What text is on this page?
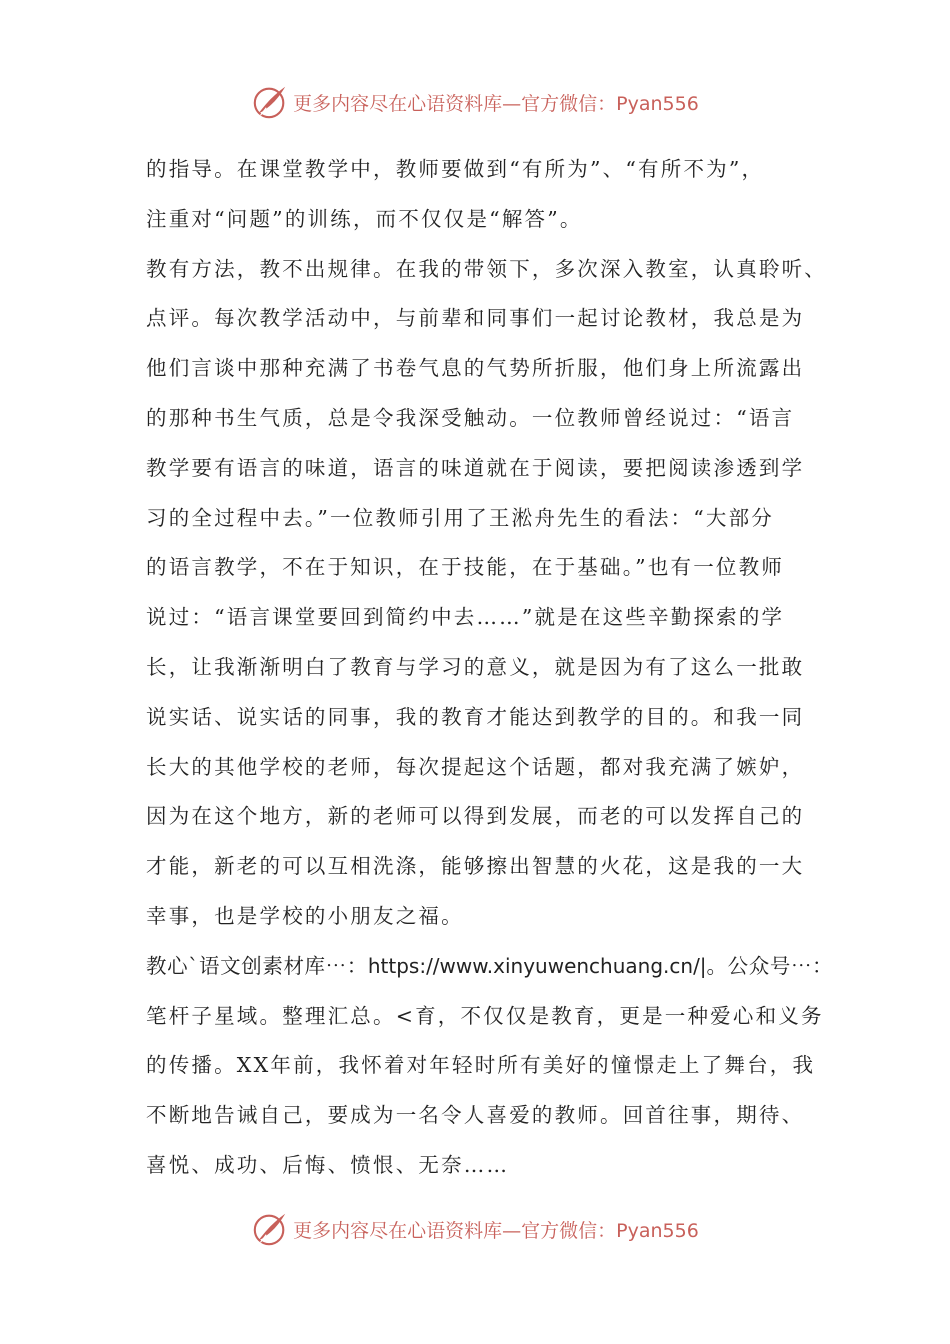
更多内容尽在心语资料库— 官方微信：Pyan556
的指导。在课堂教学中，教师要做到“有所为”、“有所不为”，
注重对“问题”的训练，而不仅仅是“解答”。
教有方法，教不出规律。在我的带领下，多次深入教室，认真聆听、
点评。每次教学活动中，与前辈和同事们一起讨论教材，我总是为
他们言谈中那种充满了书卷气息的气势所折服，他们身上所流露出
的那种书生气质，总是令我深受触动。一位教师曾经说过：“语言
教学要有语言的味道，语言的味道就在于阅读，要把阅读渗透到学
习的全过程中去。”一位教师引用了王淞舟先生的看法：“大部分
的语言教学，不在于知识，在于技能，在于基础。”也有一位教师
说过：“语言课堂要回到简约中去……”就是在这些辛勤探索的学
长，让我渐渐明白了教育与学习的意义，就是因为有了这么一批敢
说实话、说实话的同事，我的教育才能达到教学的目的。和我一同
长大的其他学校的老师，每次提起这个话题，都对我充满了嫉妒，
因为在这个地方，新的老师可以得到发展，而老的可以发挥自己的
才能，新老的可以互相洗涤，能够擦出智慧的火花，这是我的一大
幸事，也是学校的小朋友之福。
教心`语文创素材库⋯：https://www.xinyuwenchuang.cn/|。公众号⋯：
笔杆子星域。整理汇总。<育，不仅仅是教育，更是一种爱心和义务
的传播。XX年前，我怀着对年轻时所有美好的憧憬走上了舞台，我
不断地告诫自己，要成为一名令人喜爱的教师。回首往事，期待、
喜悦、成功、后悔、愤恨、无奈……
更多内容尽在心语资料库— 官方微信：Pyan556
